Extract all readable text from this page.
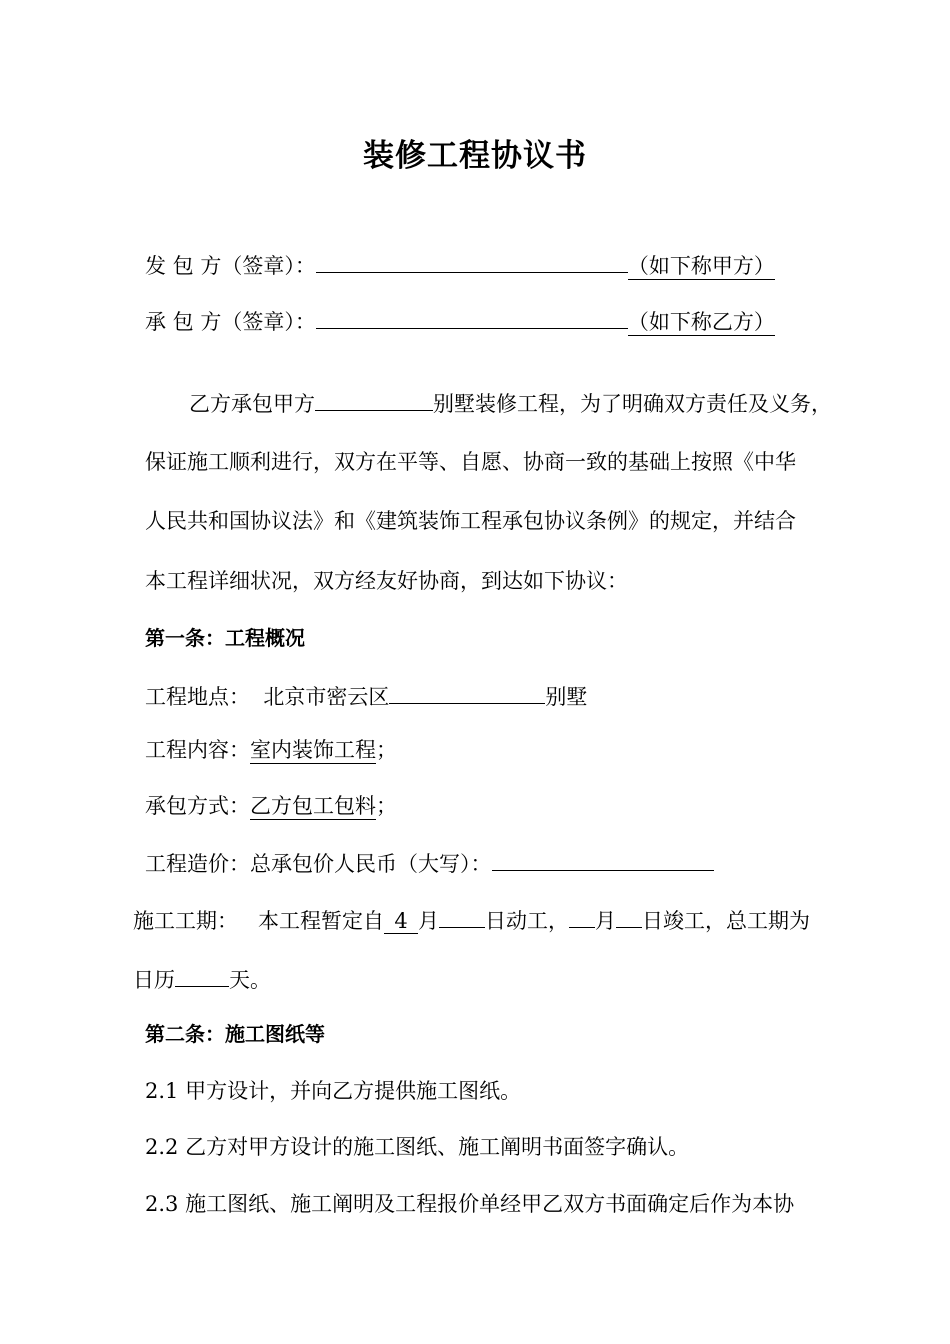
装修工程协议书
发 包 方（签章）：	（如下称甲方）
承 包 方（签章）：	（如下称乙方）
乙方承包甲方	别墅装修工程，为了明确双方责任及义务，
保证施工顺利进行，双方在平等、自愿、协商一致的基础上按照《中华
人民共和国协议法》和《建筑装饰工程承包协议条例》的规定，并结合
本工程详细状况，双方经友好协商，到达如下协议：
第一条：工程概况
工程地点： 北京市密云区	别墅
工程内容：室内装饰工程；
承包方式：乙方包工包料；
工程造价：总承包价人民币（大写）：
施工工期： 本工程暂定自 4 月 日动工， 月 日竣工，总工期为
日历	天。
第二条：施工图纸等
2.1 甲方设计，并向乙方提供施工图纸。
2.2 乙方对甲方设计的施工图纸、施工阐明书面签字确认。
2.3 施工图纸、施工阐明及工程报价单经甲乙双方书面确定后作为本协
